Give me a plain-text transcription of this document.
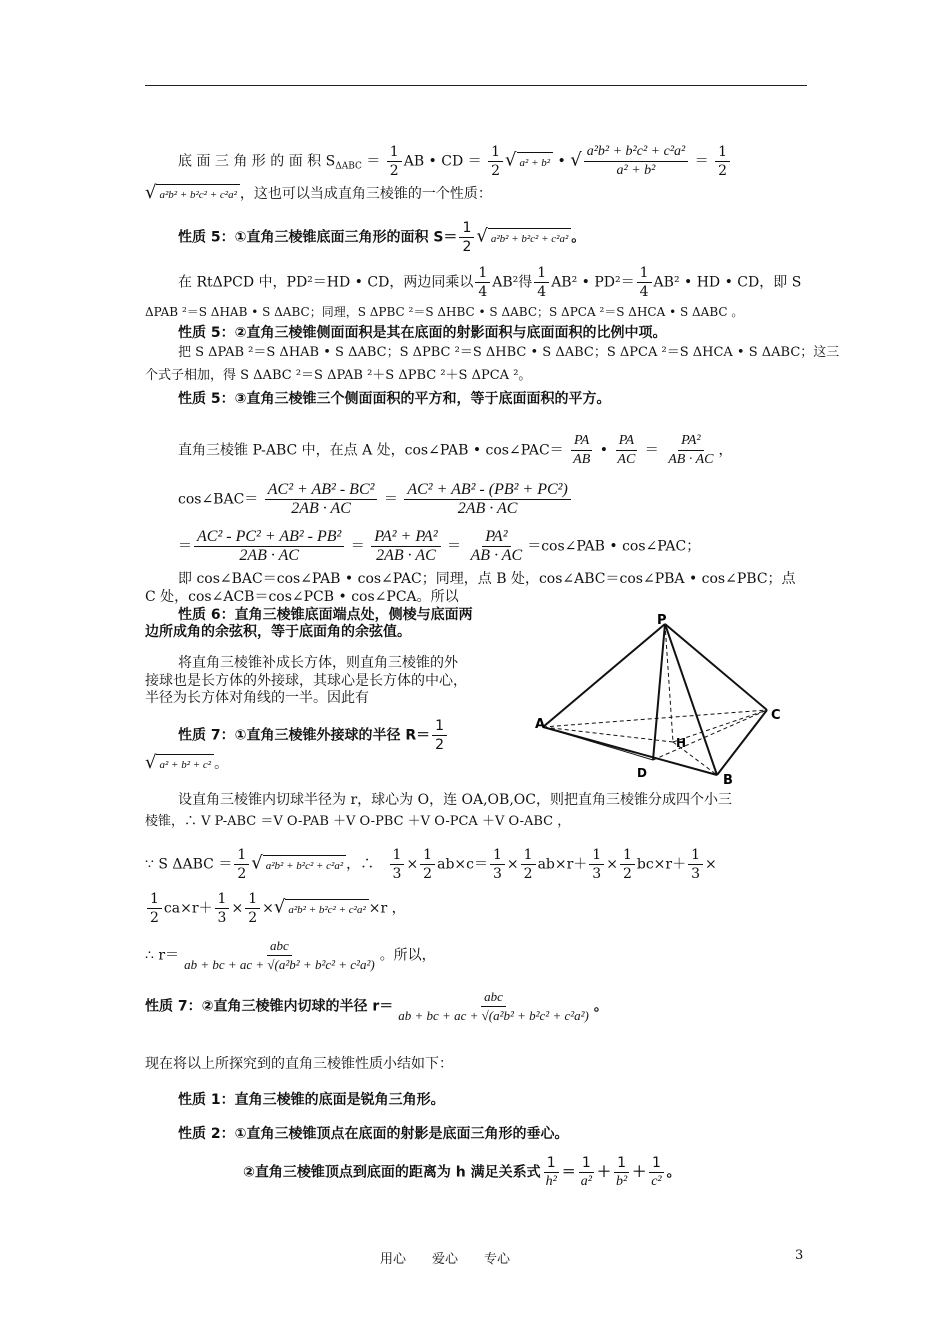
底 面 三 角 形 的 面 积 $S_{\Delta ABC} = \frac{1}{2}$ AB • CD ＝ $\frac{1}{2}$ √ a² + b² • √ $\frac{\text{a²b² + b²c² + c²a²}}{\text{a² + b²}} = \frac{1}{2}$
√ a²b² + b²c² + c²a² ，这也可以当成直角三棱锥的一个性质：
性质 5：①直角三棱锥底面三角形的面积 $S= \frac{1}{2}$ √ a²b² + b²c² + c²a² 。
在 RtΔPCD 中，PD²＝HD • CD，两边同乘以 $\frac{1}{4} AB^2$得 $\frac{1}{4} AB^2$ • $PD^2= \frac{1}{4} AB^2$ • HD • CD，即 S
ΔPAB ²＝S ΔHAB • S ΔABC；同理，S ΔPBC ²＝S ΔHBC • S ΔABC；S ΔPCA ²＝S ΔHCA • S ΔABC 。
性质 5：②直角三棱锥侧面面积是其在底面的射影面积与底面面积的比例中项。
把 S ΔPAB ²＝S ΔHAB • S ΔABC；S ΔPBC ²＝S ΔHBC • S ΔABC；S ΔPCA ²＝S ΔHCA • S ΔABC；这三
个式子相加，得 S ΔABC ²＝S ΔPAB ²＋S ΔPBC ²＋S ΔPCA ²。
性质 5：③直角三棱锥三个侧面面积的平方和，等于底面面积的平方。
直角三棱锥 P-ABC 中，在点 A 处，cos∠PAB • cos∠PAC＝ $\frac{PA}{AB}$ • $\frac{PA}{AC} = \frac{\text{PA²}}{AB \cdot AC}$ ，
cos∠BAC＝ $\frac{\text{AC² + AB² - BC²}}{2AB \cdot AC} = \frac{\text{AC² + AB² - (PB² + PC²)}}{2AB \cdot AC}$
＝ $\frac{\text{AC² - PC² + AB² - PB²}}{2AB \cdot AC} = \frac{\text{PA² + PA²}}{2AB \cdot AC} = \frac{\text{PA²}}{AB \cdot AC}$ ＝cos∠PAB • cos∠PAC；
即 cos∠BAC＝cos∠PAB • cos∠PAC；同理，点 B 处，cos∠ABC＝cos∠PBA • cos∠PBC；点
C 处，cos∠ACB＝cos∠PCB • cos∠PCA。所以
性质 6：直角三棱锥底面端点处，侧棱与底面两
边所成角的余弦积，等于底面角的余弦值。
将直角三棱锥补成长方体，则直角三棱锥的外
接球也是长方体的外接球，其球心是长方体的中心，
半径为长方体对角线的一半。因此有
性质 7：①直角三棱锥外接球的半径 $R= \frac{1}{2}$
√ a² + b² + c² 。
P
A
C
H
D	B
设直角三棱锥内切球半径为 r，球心为 O，连 OA,OB,OC，则把直角三棱锥分成四个小三
棱锥，∴ V P-ABC ＝V O-PAB ＋V O-PBC ＋V O-PCA ＋V O-ABC ，
∵ S $\Delta ABC = \frac{1}{2}$ √ a²b² + b²c² + c²a² ，∴ $\frac{1}{3} \times \frac{1}{2} ab\times c= \frac{1}{3} \times \frac{1}{2} ab\times r+ \frac{1}{3} \times \frac{1}{2} bc\times r+ \frac{1}{3}$ ×
$\frac{1}{2} ca\times r+ \frac{1}{3} \times \frac{1}{2}$ ×√ a²b² + b²c² + c²a² ×r ，
∴ $r= \frac{\text{abc}}{\text{ab + bc + ac + √(a²b² + b²c² + c²a²)}}$ 。所以，
性质 7：②直角三棱锥内切球的半径 $r= \frac{\text{abc}}{\text{ab + bc + ac + √(a²b² + b²c² + c²a²)}}$ 。
现在将以上所探究到的直角三棱锥性质小结如下：
性质 1：直角三棱锥的底面是锐角三角形。
性质 2：①直角三棱锥顶点在底面的射影是底面三角形的垂心。
②直角三棱锥顶点到底面的距离为 h 满足关系式 $\frac{1}{\text{h²}} = \frac{1}{\text{a²}} + \frac{1}{\text{b²}} + \frac{1}{\text{c²}}$ 。
用心　　爱心　　专心	3
